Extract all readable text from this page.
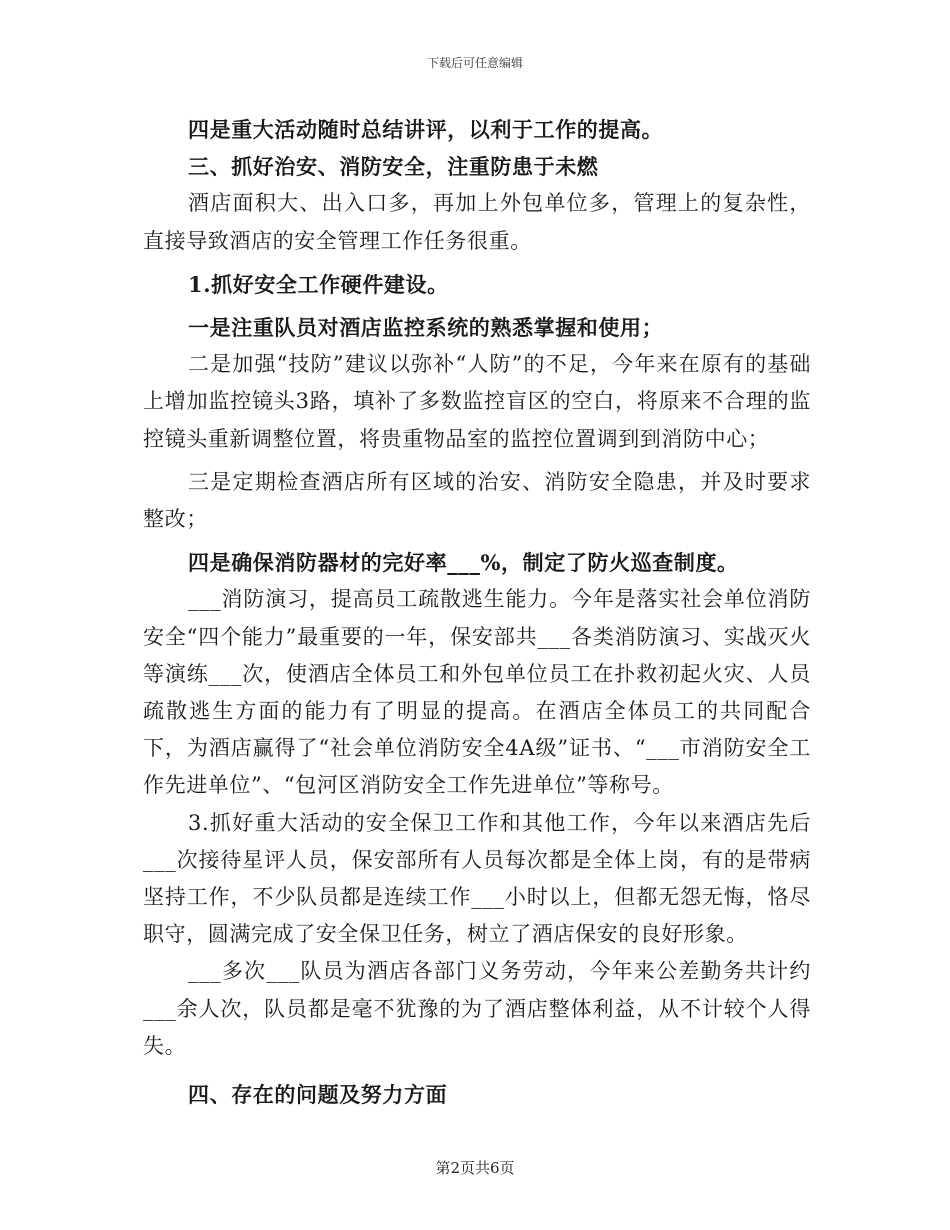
下载后可任意编辑

四是重大活动随时总结讲评，以利于工作的提高。

三、抓好治安、消防安全，注重防患于未燃

酒店面积大、出入口多，再加上外包单位多，管理上的复杂性，直接导致酒店的安全管理工作任务很重。

1.抓好安全工作硬件建设。

一是注重队员对酒店监控系统的熟悉掌握和使用；

二是加强“技防”建议以弥补“人防”的不足，今年来在原有的基础上增加监控镜头3路，填补了多数监控盲区的空白，将原来不合理的监控镜头重新调整位置，将贵重物品室的监控位置调到到消防中心；

三是定期检查酒店所有区域的治安、消防安全隐患，并及时要求整改；

四是确保消防器材的完好率___%，制定了防火巡查制度。

___消防演习，提高员工疏散逃生能力。今年是落实社会单位消防安全“四个能力”最重要的一年，保安部共___各类消防演习、实战灭火等演练___次，使酒店全体员工和外包单位员工在扑救初起火灾、人员疏散逃生方面的能力有了明显的提高。在酒店全体员工的共同配合下，为酒店赢得了“社会单位消防安全4A级”证书、“___市消防安全工作先进单位”、“包河区消防安全工作先进单位”等称号。

3.抓好重大活动的安全保卫工作和其他工作，今年以来酒店先后___次接待星评人员，保安部所有人员每次都是全体上岗，有的是带病坚持工作，不少队员都是连续工作___小时以上，但都无怨无悔，恪尽职守，圆满完成了安全保卫任务，树立了酒店保安的良好形象。

___多次___队员为酒店各部门义务劳动，今年来公差勤务共计约___余人次，队员都是毫不犹豫的为了酒店整体利益，从不计较个人得失。

四、存在的问题及努力方面

第2页共6页
